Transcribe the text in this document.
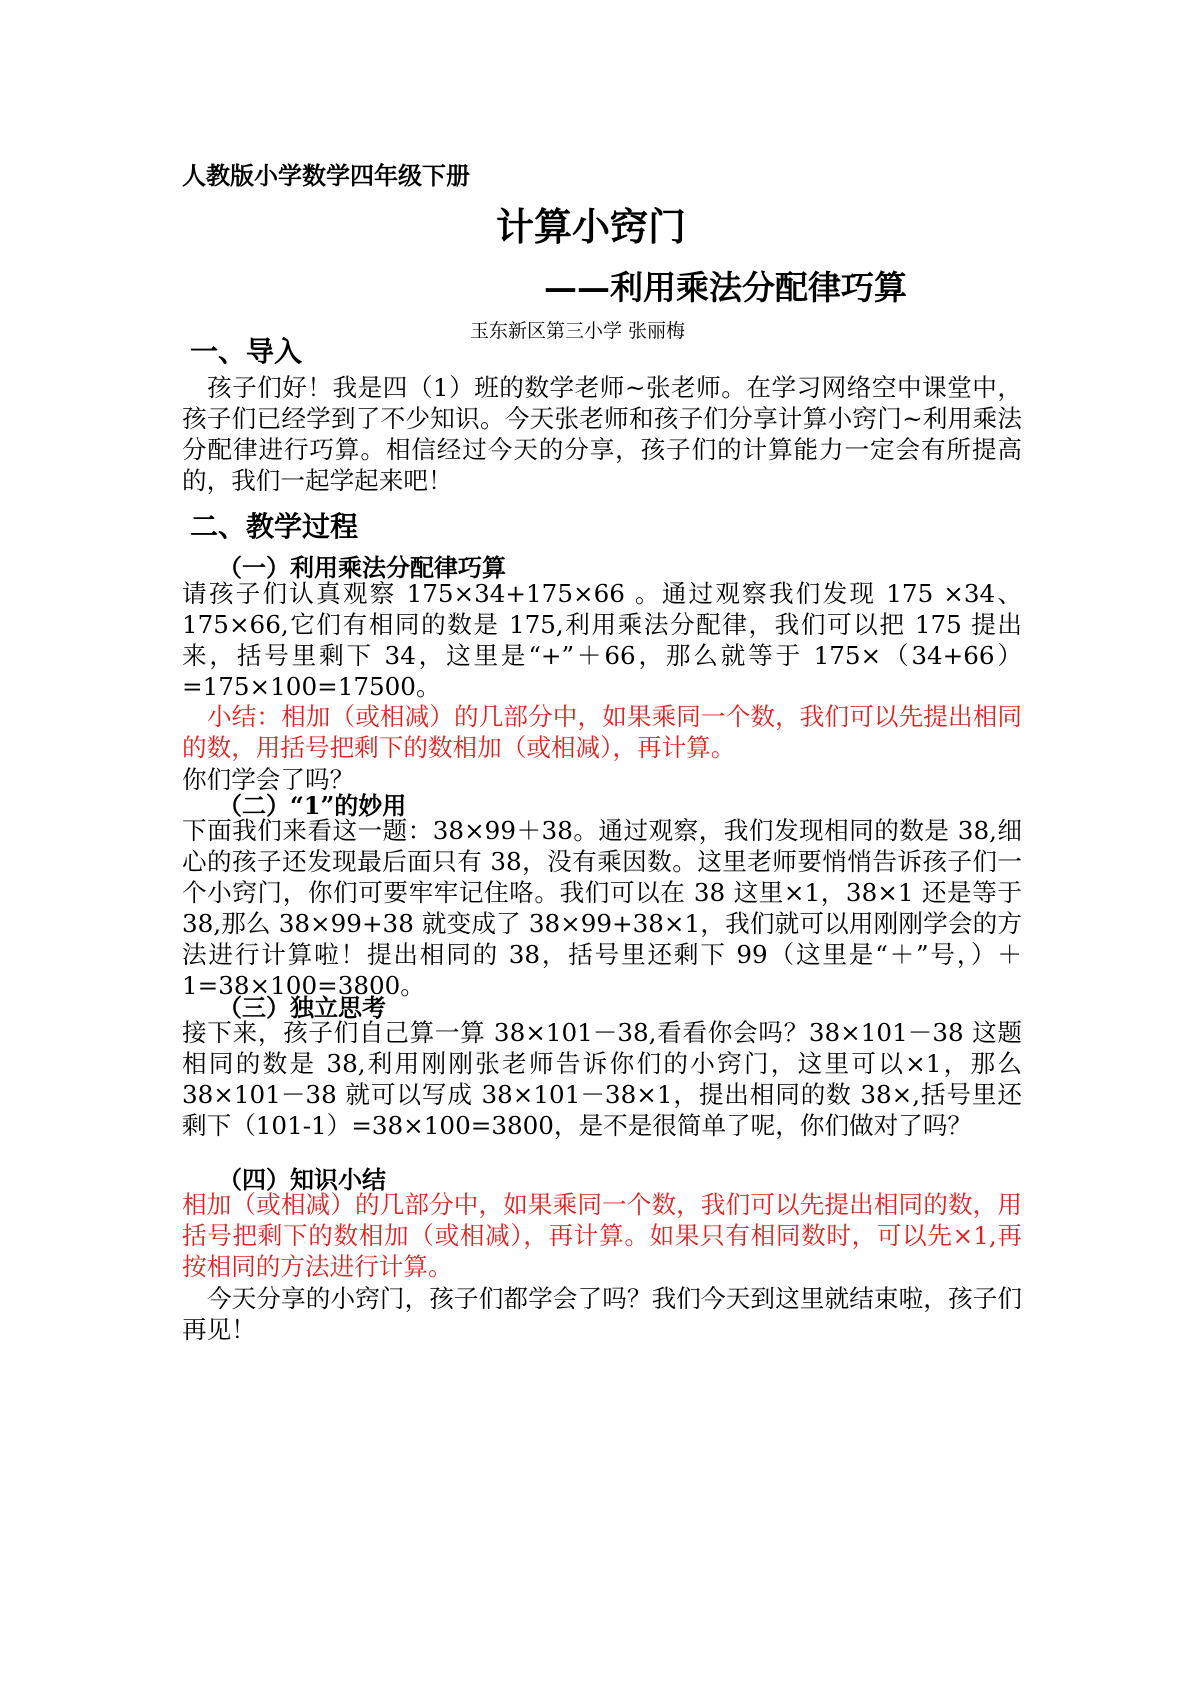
人教版小学数学四年级下册
计算小窍门
——利用乘法分配律巧算
玉东新区第三小学 张丽梅
一、导入
孩子们好！我是四（1）班的数学老师~张老师。在学习网络空中课堂中，孩子们已经学到了不少知识。今天张老师和孩子们分享计算小窍门~利用乘法分配律进行巧算。相信经过今天的分享，孩子们的计算能力一定会有所提高的，我们一起学起来吧！
二、教学过程
（一）利用乘法分配律巧算
请孩子们认真观察 175×34+175×66 。通过观察我们发现 175 ×34、175×66,它们有相同的数是 175,利用乘法分配律，我们可以把 175 提出来，括号里剩下 34，这里是“+”＋66，那么就等于 175×（34+66）=175×100=17500。
小结：相加（或相减）的几部分中，如果乘同一个数，我们可以先提出相同的数，用括号把剩下的数相加（或相减），再计算。
你们学会了吗？
（二）“1”的妙用
下面我们来看这一题：38×99＋38。通过观察，我们发现相同的数是 38,细心的孩子还发现最后面只有 38，没有乘因数。这里老师要悄悄告诉孩子们一个小窍门，你们可要牢牢记住咯。我们可以在 38 这里×1，38×1 还是等于 38,那么 38×99+38 就变成了 38×99+38×1，我们就可以用刚刚学会的方法进行计算啦！提出相同的 38，括号里还剩下 99（这里是“＋”号，）＋1=38×100=3800。
（三）独立思考
接下来，孩子们自己算一算 38×101－38,看看你会吗？38×101－38 这题相同的数是 38,利用刚刚张老师告诉你们的小窍门，这里可以×1，那么 38×101－38 就可以写成 38×101－38×1，提出相同的数 38×,括号里还剩下（101-1）=38×100=3800，是不是很简单了呢，你们做对了吗？
（四）知识小结
相加（或相减）的几部分中，如果乘同一个数，我们可以先提出相同的数，用括号把剩下的数相加（或相减），再计算。如果只有相同数时，可以先×1,再按相同的方法进行计算。
今天分享的小窍门，孩子们都学会了吗？我们今天到这里就结束啦，孩子们再见！
